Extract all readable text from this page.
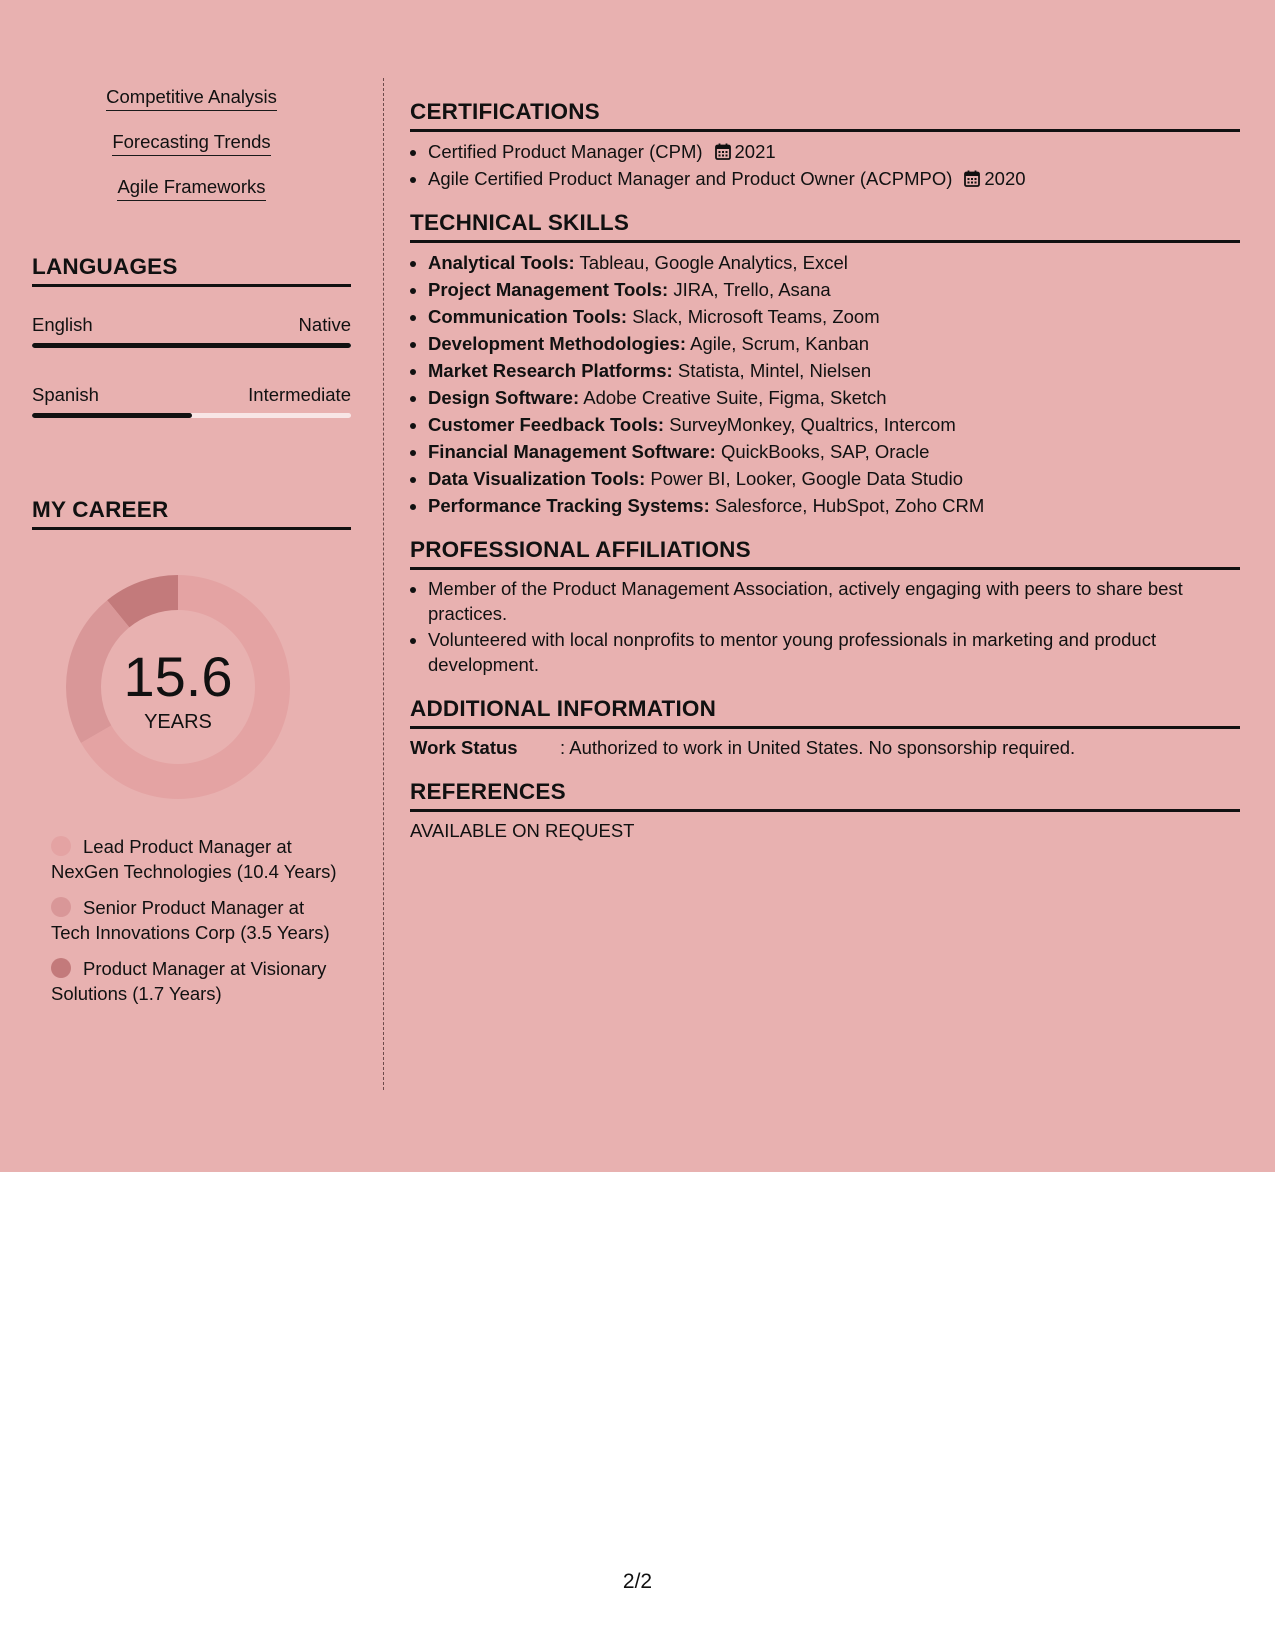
Competitive Analysis
Forecasting Trends
Agile Frameworks
LANGUAGES
English	Native
Spanish	Intermediate
MY CAREER
15.6
YEARS
Lead Product Manager at NexGen Technologies (10.4 Years)
Senior Product Manager at Tech Innovations Corp (3.5 Years)
Product Manager at Visionary Solutions (1.7 Years)
CERTIFICATIONS
• Certified Product Manager (CPM) 2021
• Agile Certified Product Manager and Product Owner (ACPMPO) 2020
TECHNICAL SKILLS
• Analytical Tools: Tableau, Google Analytics, Excel
• Project Management Tools: JIRA, Trello, Asana
• Communication Tools: Slack, Microsoft Teams, Zoom
• Development Methodologies: Agile, Scrum, Kanban
• Market Research Platforms: Statista, Mintel, Nielsen
• Design Software: Adobe Creative Suite, Figma, Sketch
• Customer Feedback Tools: SurveyMonkey, Qualtrics, Intercom
• Financial Management Software: QuickBooks, SAP, Oracle
• Data Visualization Tools: Power BI, Looker, Google Data Studio
• Performance Tracking Systems: Salesforce, HubSpot, Zoho CRM
PROFESSIONAL AFFILIATIONS
• Member of the Product Management Association, actively engaging with peers to share best practices.
• Volunteered with local nonprofits to mentor young professionals in marketing and product development.
ADDITIONAL INFORMATION
Work Status : Authorized to work in United States. No sponsorship required.
REFERENCES
AVAILABLE ON REQUEST
2/2
